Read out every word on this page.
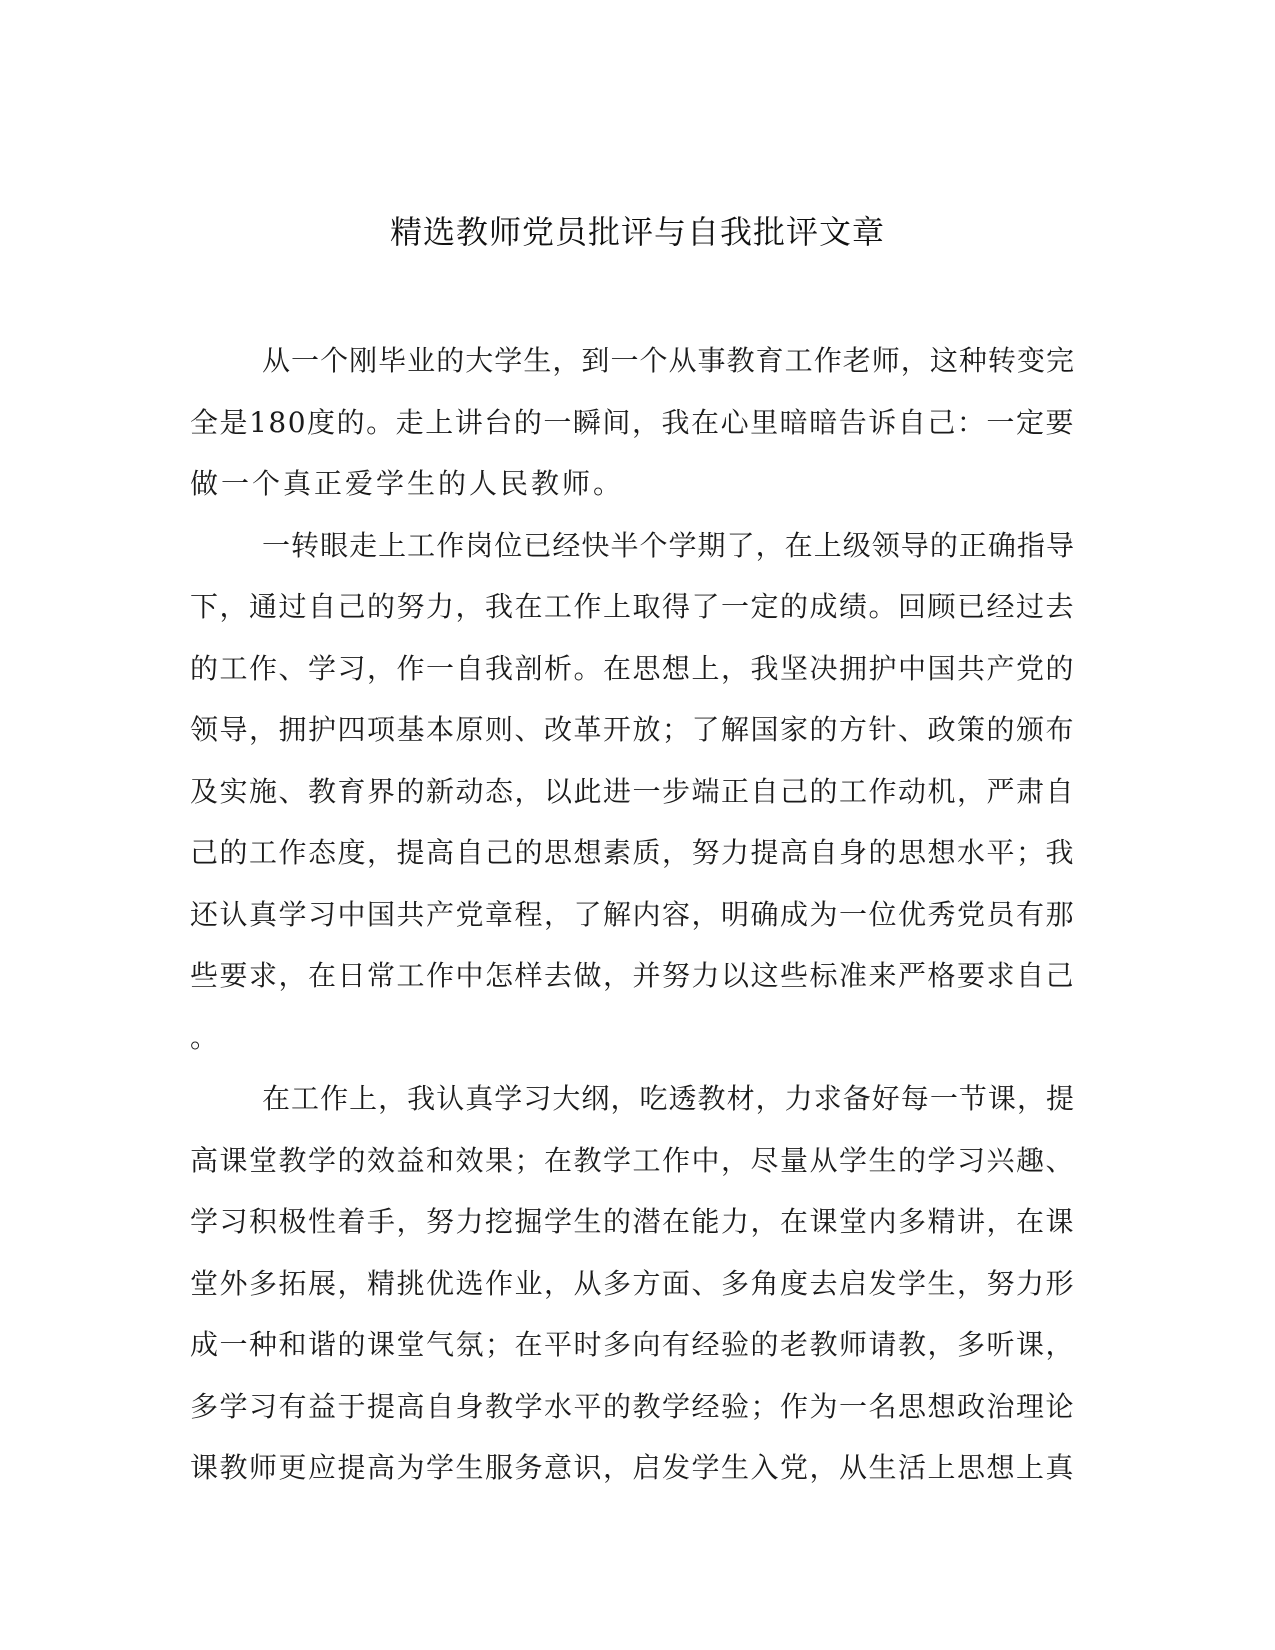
精选教师党员批评与自我批评文章

从一个刚毕业的大学生，到一个从事教育工作老师，这种转变完
全是180度的。走上讲台的一瞬间，我在心里暗暗告诉自己：一定要
做一个真正爱学生的人民教师。

一转眼走上工作岗位已经快半个学期了，在上级领导的正确指导
下，通过自己的努力，我在工作上取得了一定的成绩。回顾已经过去
的工作、学习，作一自我剖析。在思想上，我坚决拥护中国共产党的
领导，拥护四项基本原则、改革开放；了解国家的方针、政策的颁布
及实施、教育界的新动态，以此进一步端正自己的工作动机，严肃自
己的工作态度，提高自己的思想素质，努力提高自身的思想水平；我
还认真学习中国共产党章程，了解内容，明确成为一位优秀党员有那
些要求，在日常工作中怎样去做，并努力以这些标准来严格要求自己
。

在工作上，我认真学习大纲，吃透教材，力求备好每一节课，提
高课堂教学的效益和效果；在教学工作中，尽量从学生的学习兴趣、
学习积极性着手，努力挖掘学生的潜在能力，在课堂内多精讲，在课
堂外多拓展，精挑优选作业，从多方面、多角度去启发学生，努力形
成一种和谐的课堂气氛；在平时多向有经验的老教师请教，多听课，
多学习有益于提高自身教学水平的教学经验；作为一名思想政治理论
课教师更应提高为学生服务意识，启发学生入党，从生活上思想上真
